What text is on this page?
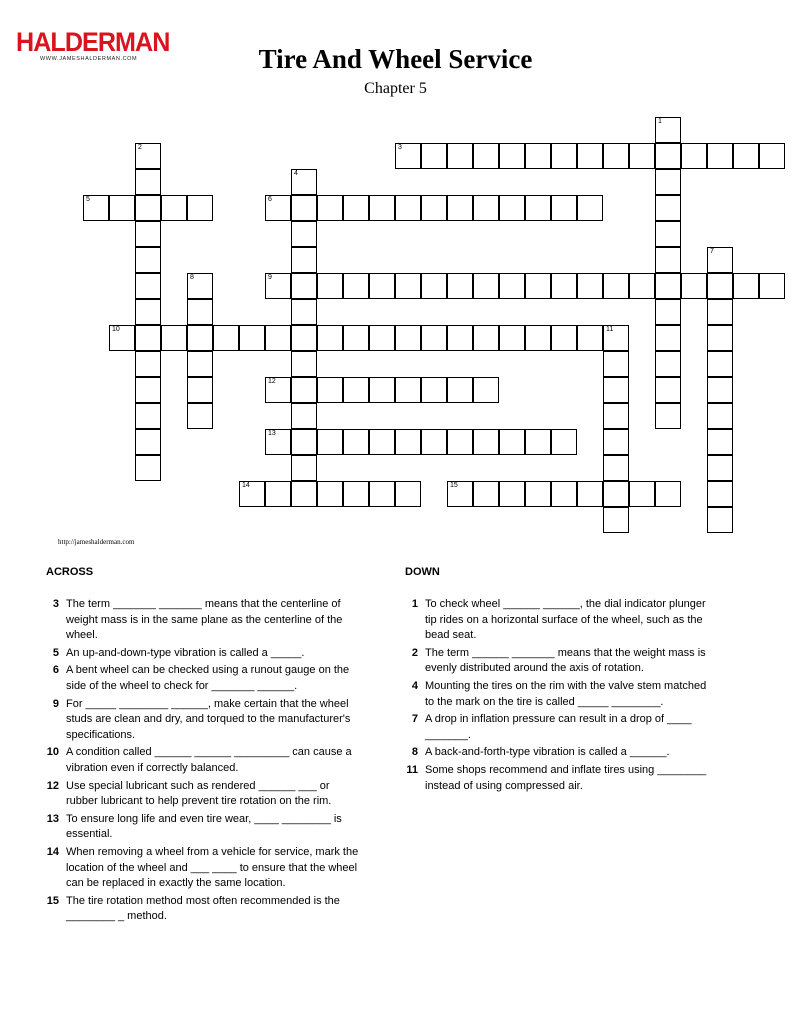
HALDERMAN
WWW.JAMESHALDERMAN.COM	Tire And Wheel Service
Chapter 5
3
5	6
9
10	11
12
13
14	15
1
2
4
7
8
http://jameshalderman.com
ACROSS	DOWN
3 The term _______ _______ means that the centerline of weight mass is in the same plane as the centerline of the wheel.
5 An up-and-down-type vibration is called a _____.
6 A bent wheel can be checked using a runout gauge on the side of the wheel to check for _______ ______.
9 For _____ ________ ______, make certain that the wheel studs are clean and dry, and torqued to the manufacturer's specifications.
10 A condition called ______ ______ _________ can cause a vibration even if correctly balanced.
12 Use special lubricant such as rendered ______ ___ or rubber lubricant to help prevent tire rotation on the rim.
13 To ensure long life and even tire wear, ____ ________ is essential.
14 When removing a wheel from a vehicle for service, mark the location of the wheel and ___ ____ to ensure that the wheel can be replaced in exactly the same location.
15 The tire rotation method most often recommended is the ________ _ method.
1 To check wheel ______ ______, the dial indicator plunger tip rides on a horizontal surface of the wheel, such as the bead seat.
2 The term ______ _______ means that the weight mass is evenly distributed around the axis of rotation.
4 Mounting the tires on the rim with the valve stem matched to the mark on the tire is called _____ ________.
7 A drop in inflation pressure can result in a drop of ____ _______.
8 A back-and-forth-type vibration is called a ______.
11 Some shops recommend and inflate tires using ________ instead of using compressed air.
